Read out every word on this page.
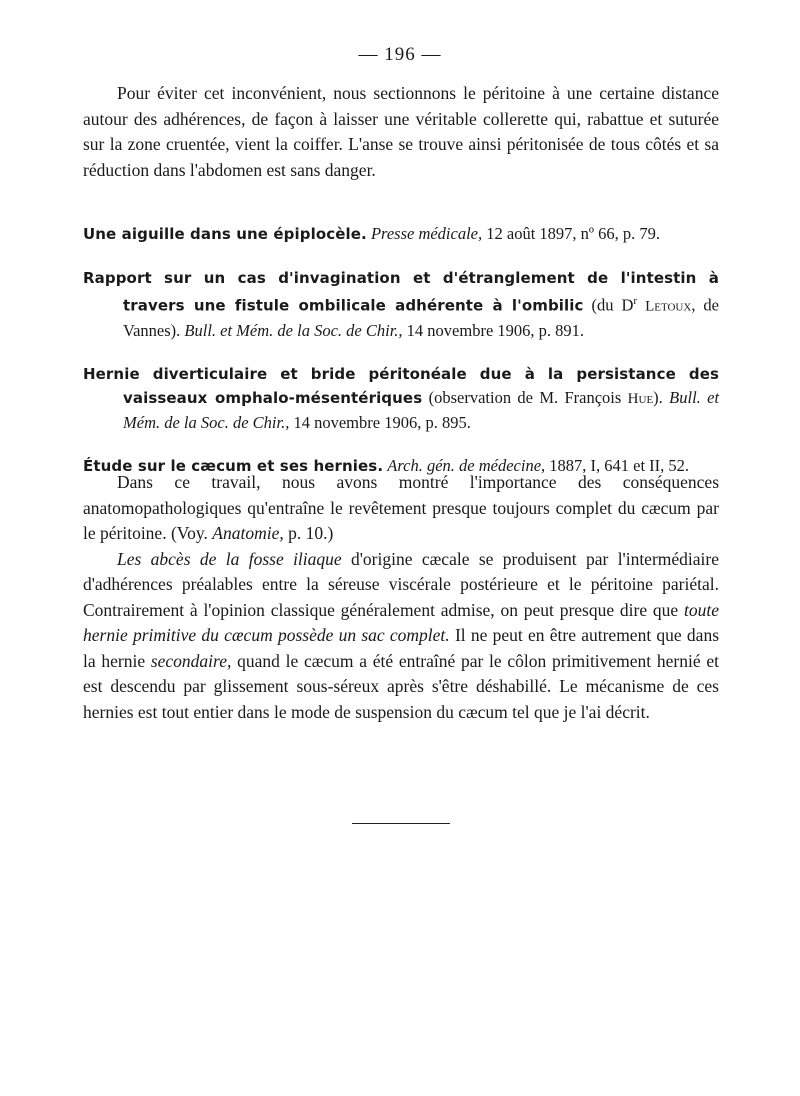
— 196 —
Pour éviter cet inconvénient, nous sectionnons le péritoine à une certaine distance autour des adhérences, de façon à laisser une véritable collerette qui, rabattue et suturée sur la zone cruentée, vient la coiffer. L'anse se trouve ainsi péritonisée de tous côtés et sa réduction dans l'abdomen est sans danger.

Une aiguille dans une épiplocèle. Presse médicale, 12 août 1897, nº 66, p. 79.

Rapport sur un cas d'invagination et d'étranglement de l'intestin à travers une fistule ombilicale adhérente à l'ombilic (du $D^r$ Letoux, de Vannes). Bull. et Mém. de la Soc. de Chir., 14 novembre 1906, p. 891.

Hernie diverticulaire et bride péritonéale due à la persistance des vaisseaux omphalo-mésentériques (observation de M. François Hue). Bull. et Mém. de la Soc. de Chir., 14 novembre 1906, p. 895.

Étude sur le cæcum et ses hernies. Arch. gén. de médecine, 1887, I, 641 et II, 52.

Dans ce travail, nous avons montré l'importance des conséquences anatomopathologiques qu'entraîne le revêtement presque toujours complet du cæcum par le péritoine. (Voy. Anatomie, p. 10.)

Les abcès de la fosse iliaque d'origine cæcale se produisent par l'intermédiaire d'adhérences préalables entre la séreuse viscérale postérieure et le péritoine pariétal. Contrairement à l'opinion classique généralement admise, on peut presque dire que toute hernie primitive du cæcum possède un sac complet. Il ne peut en être autrement que dans la hernie secondaire, quand le cæcum a été entraîné par le côlon primitivement hernié et est descendu par glissement sous-séreux après s'être déshabillé. Le mécanisme de ces hernies est tout entier dans le mode de suspension du cæcum tel que je l'ai décrit.
